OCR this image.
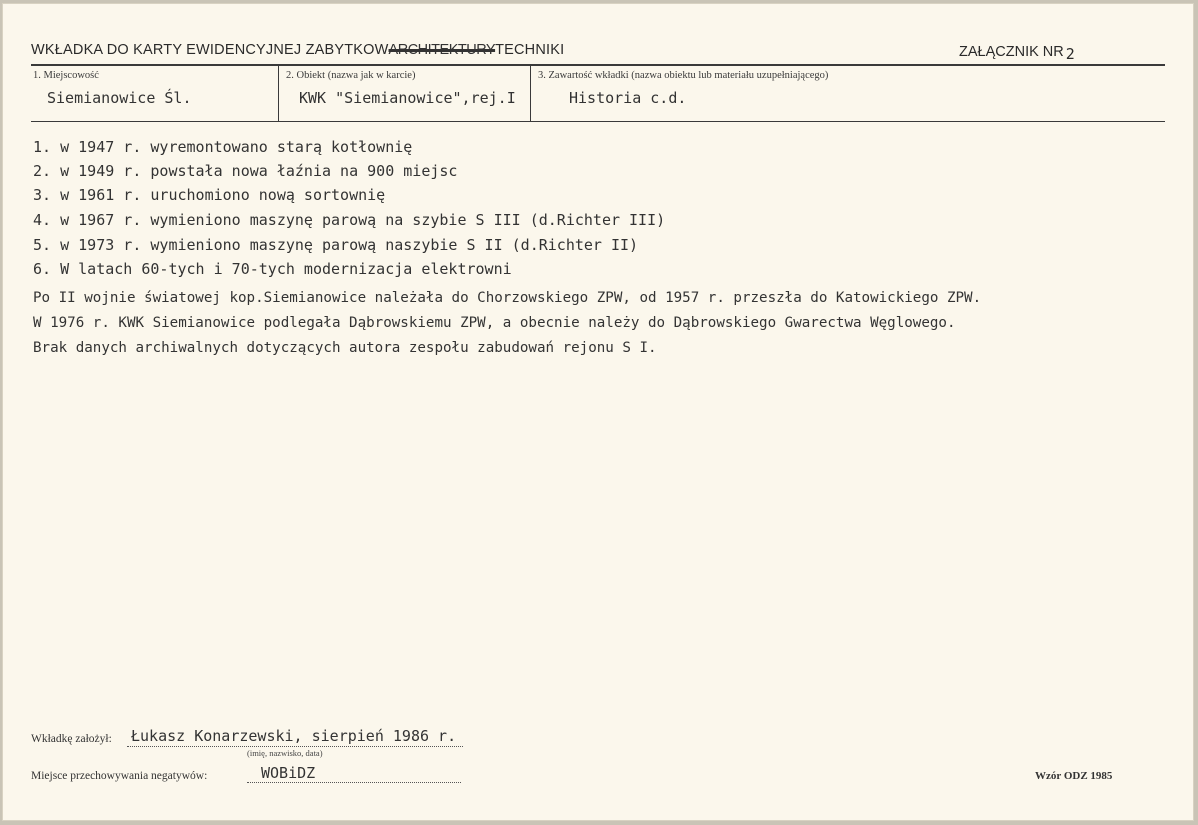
WKŁADKA DO KARTY EWIDENCYJNEJ ZABYTKOWARCHITEKTURYTECHNIKI	ZAŁĄCZNIK NR 2
1. Miejscowość
Siemianowice Śl.
2. Obiekt (nazwa jak w karcie)
KWK "Siemianowice",rej.I
3. Zawartość wkładki (nazwa obiektu lub materiału uzupełniającego)
Historia c.d.
1. w 1947 r. wyremontowano starą kotłownię
2. w 1949 r. powstała nowa łaźnia na 900 miejsc
3. w 1961 r. uruchomiono nową sortownię
4. w 1967 r. wymieniono maszynę parową na szybie S III (d.Richter III)
5. w 1973 r. wymieniono maszynę parową naszybie S II (d.Richter II)
6. W latach 60-tych i 70-tych modernizacja elektrowni
Po II wojnie światowej kop.Siemianowice należała do Chorzowskiego ZPW, od 1957 r. przeszła do Katowickiego ZPW.
W 1976 r. KWK Siemianowice podlegała Dąbrowskiemu ZPW, a obecnie należy do Dąbrowskiego Gwarectwa Węglowego.
Brak danych archiwalnych dotyczących autora zespołu zabudowań rejonu S I.
Wkładkę założył: Łukasz Konarzewski, sierpień 1986 r.
(imię, nazwisko, data)
Miejsce przechowywania negatywów:	WOBiDZ	Wzór ODZ 1985
